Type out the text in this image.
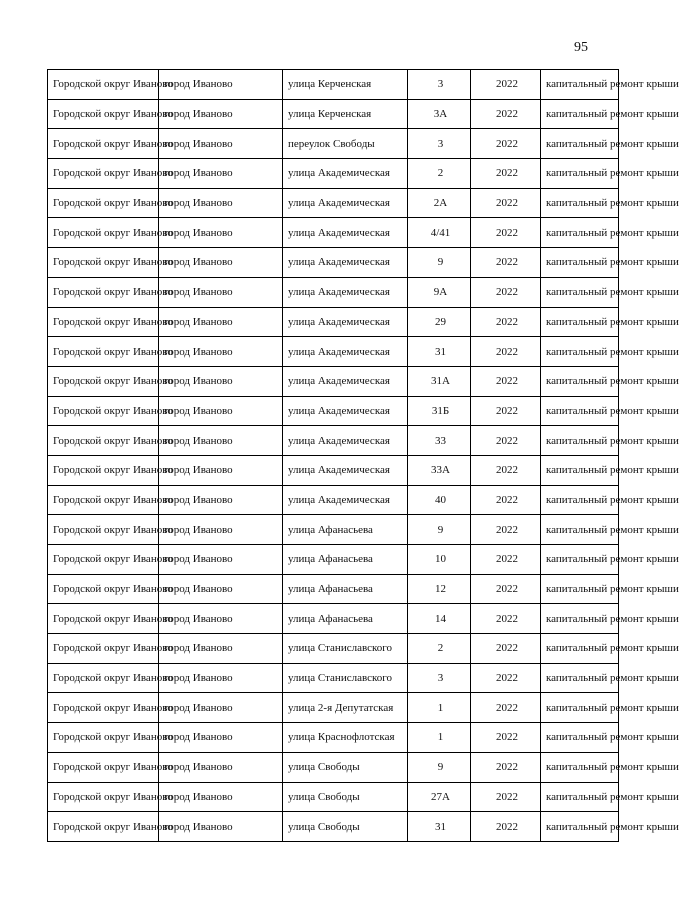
95
Городской округ Иваново	город Иваново	улица Керченская	3	2022	капитальный ремонт крыши
Городской округ Иваново	город Иваново	улица Керченская	3А	2022	капитальный ремонт крыши
Городской округ Иваново	город Иваново	переулок Свободы	3	2022	капитальный ремонт крыши
Городской округ Иваново	город Иваново	улица Академическая	2	2022	капитальный ремонт крыши
Городской округ Иваново	город Иваново	улица Академическая	2А	2022	капитальный ремонт крыши
Городской округ Иваново	город Иваново	улица Академическая	4/41	2022	капитальный ремонт крыши
Городской округ Иваново	город Иваново	улица Академическая	9	2022	капитальный ремонт крыши
Городской округ Иваново	город Иваново	улица Академическая	9А	2022	капитальный ремонт крыши
Городской округ Иваново	город Иваново	улица Академическая	29	2022	капитальный ремонт крыши
Городской округ Иваново	город Иваново	улица Академическая	31	2022	капитальный ремонт крыши
Городской округ Иваново	город Иваново	улица Академическая	31А	2022	капитальный ремонт крыши
Городской округ Иваново	город Иваново	улица Академическая	31Б	2022	капитальный ремонт крыши
Городской округ Иваново	город Иваново	улица Академическая	33	2022	капитальный ремонт крыши
Городской округ Иваново	город Иваново	улица Академическая	33А	2022	капитальный ремонт крыши
Городской округ Иваново	город Иваново	улица Академическая	40	2022	капитальный ремонт крыши
Городской округ Иваново	город Иваново	улица Афанасьева	9	2022	капитальный ремонт крыши
Городской округ Иваново	город Иваново	улица Афанасьева	10	2022	капитальный ремонт крыши
Городской округ Иваново	город Иваново	улица Афанасьева	12	2022	капитальный ремонт крыши
Городской округ Иваново	город Иваново	улица Афанасьева	14	2022	капитальный ремонт крыши
Городской округ Иваново	город Иваново	улица Станиславского	2	2022	капитальный ремонт крыши
Городской округ Иваново	город Иваново	улица Станиславского	3	2022	капитальный ремонт крыши
Городской округ Иваново	город Иваново	улица 2-я Депутатская	1	2022	капитальный ремонт крыши
Городской округ Иваново	город Иваново	улица Краснофлотская	1	2022	капитальный ремонт крыши
Городской округ Иваново	город Иваново	улица Свободы	9	2022	капитальный ремонт крыши
Городской округ Иваново	город Иваново	улица Свободы	27А	2022	капитальный ремонт крыши
Городской округ Иваново	город Иваново	улица Свободы	31	2022	капитальный ремонт крыши
